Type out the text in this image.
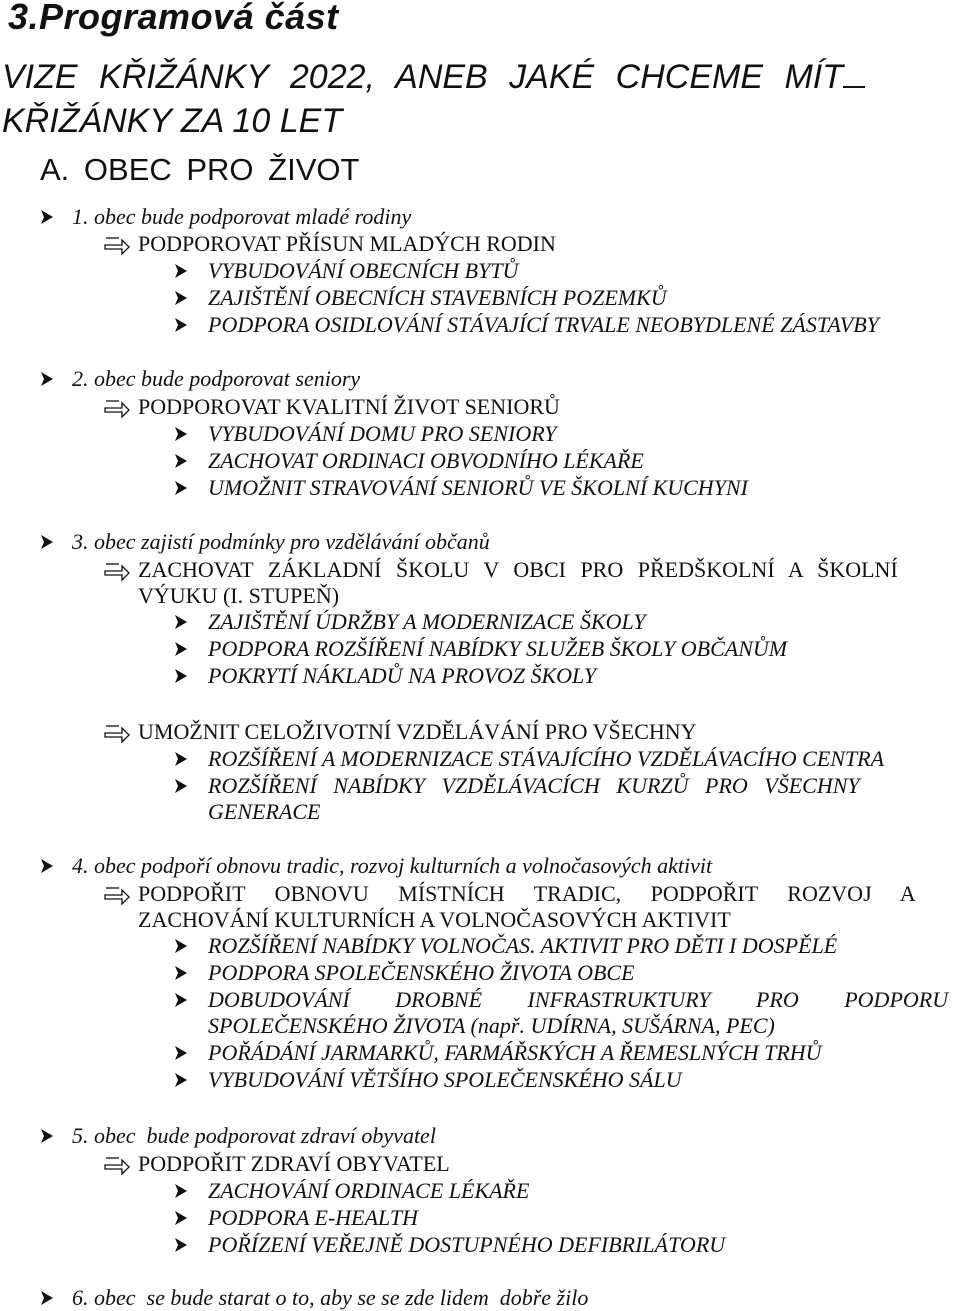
3.Programová část
VIZE KŘIŽÁNKY 2022, ANEB JAKÉ CHCEME MÍT
KŘIŽÁNKY ZA 10 LET
A. OBEC PRO ŽIVOT
1. obec bude podporovat mladé rodiny
PODPOROVAT PŘÍSUN MLADÝCH RODIN
VYBUDOVÁNÍ OBECNÍCH BYTŮ
ZAJIŠTĚNÍ OBECNÍCH STAVEBNÍCH POZEMKŮ
PODPORA OSIDLOVÁNÍ STÁVAJÍCÍ TRVALE NEOBYDLENÉ ZÁSTAVBY
2. obec bude podporovat seniory
PODPOROVAT KVALITNÍ ŽIVOT SENIORŮ
VYBUDOVÁNÍ DOMU PRO SENIORY
ZACHOVAT ORDINACI OBVODNÍHO LÉKAŘE
UMOŽNIT STRAVOVÁNÍ SENIORŮ VE ŠKOLNÍ KUCHYNI
3. obec zajistí podmínky pro vzdělávání občanů
ZACHOVAT ZÁKLADNÍ ŠKOLU V OBCI PRO PŘEDŠKOLNÍ A ŠKOLNÍ
VÝUKU (I. STUPEŇ)
ZAJIŠTĚNÍ ÚDRŽBY A MODERNIZACE ŠKOLY
PODPORA ROZŠÍŘENÍ NABÍDKY SLUŽEB ŠKOLY OBČANŮM
POKRYTÍ NÁKLADŮ NA PROVOZ ŠKOLY
UMOŽNIT CELOŽIVOTNÍ VZDĚLÁVÁNÍ PRO VŠECHNY
ROZŠÍŘENÍ A MODERNIZACE STÁVAJÍCÍHO VZDĚLÁVACÍHO CENTRA
ROZŠÍŘENÍ NABÍDKY VZDĚLÁVACÍCH KURZŮ PRO VŠECHNY
GENERACE
4. obec podpoří obnovu tradic, rozvoj kulturních a volnočasových aktivit
PODPOŘIT OBNOVU MÍSTNÍCH TRADIC, PODPOŘIT ROZVOJ A
ZACHOVÁNÍ KULTURNÍCH A VOLNOČASOVÝCH AKTIVIT
ROZŠÍŘENÍ NABÍDKY VOLNOČAS. AKTIVIT PRO DĚTI I DOSPĚLÉ
PODPORA SPOLEČENSKÉHO ŽIVOTA OBCE
DOBUDOVÁNÍ DROBNÉ INFRASTRUKTURY PRO PODPORU
SPOLEČENSKÉHO ŽIVOTA (např. UDÍRNA, SUŠÁRNA, PEC)
POŘÁDÁNÍ JARMARKŮ, FARMÁŘSKÝCH A ŘEMESLNÝCH TRHŮ
VYBUDOVÁNÍ VĚTŠÍHO SPOLEČENSKÉHO SÁLU
5. obec  bude podporovat zdraví obyvatel
PODPOŘIT ZDRAVÍ OBYVATEL
ZACHOVÁNÍ ORDINACE LÉKAŘE
PODPORA E-HEALTH
POŘÍZENÍ VEŘEJNĚ DOSTUPNÉHO DEFIBRILÁTORU
6. obec  se bude starat o to, aby se se zde lidem  dobře žilo
